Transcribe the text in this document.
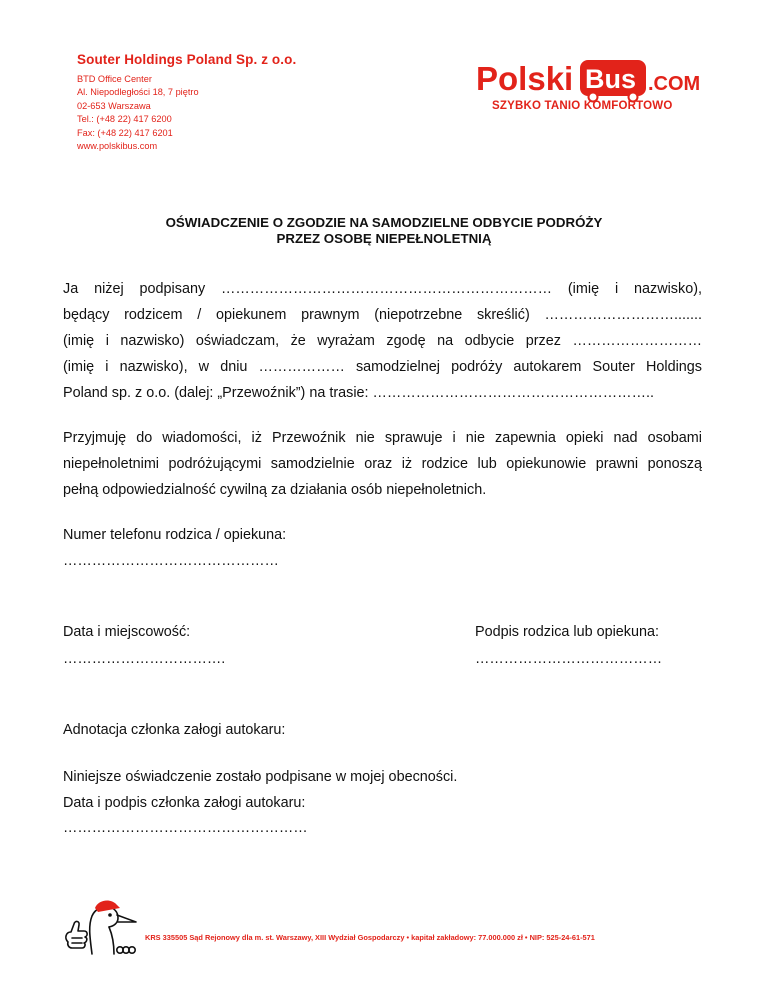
Souter Holdings Poland Sp. z o.o.
BTD Office Center
Al. Niepodległości 18, 7 piętro
02-653 Warszawa
Tel.: (+48 22) 417 6200
Fax: (+48 22) 417 6201
www.polskibus.com
Polski Bus .COM
SZYBKO TANIO KOMFORTOWO
OŚWIADCZENIE O ZGODZIE NA SAMODZIELNE ODBYCIE PODRÓŻY
PRZEZ OSOBĘ NIEPEŁNOLETNIĄ
Ja niżej podpisany …………………………………………………………… (imię i nazwisko),
będący rodzicem / opiekunem prawnym (niepotrzebne skreślić) ……………………….......
(imię i nazwisko) oświadczam, że wyrażam zgodę na odbycie przez ………………………
(imię i nazwisko), w dniu ……………… samodzielnej podróży autokarem Souter Holdings
Poland sp. z o.o. (dalej: „Przewoźnik”) na trasie: …………………………………………………..
Przyjmuję do wiadomości, iż Przewoźnik nie sprawuje i nie zapewnia opieki nad osobami
niepełnoletnimi podróżującymi samodzielnie oraz iż rodzice lub opiekunowie prawni ponoszą
pełną odpowiedzialność cywilną za działania osób niepełnoletnich.
Numer telefonu rodzica / opiekuna:
………………………………………
Data i miejscowość:
…………………………….
Podpis rodzica lub opiekuna:
…………………………………
Adnotacja członka załogi autokaru:
Niniejsze oświadczenie zostało podpisane w mojej obecności.
Data i podpis członka załogi autokaru:
……………………………………………
KRS 335505 Sąd Rejonowy dla m. st. Warszawy, XIII Wydział Gospodarczy • kapitał zakładowy: 77.000.000 zł • NIP: 525-24-61-571
